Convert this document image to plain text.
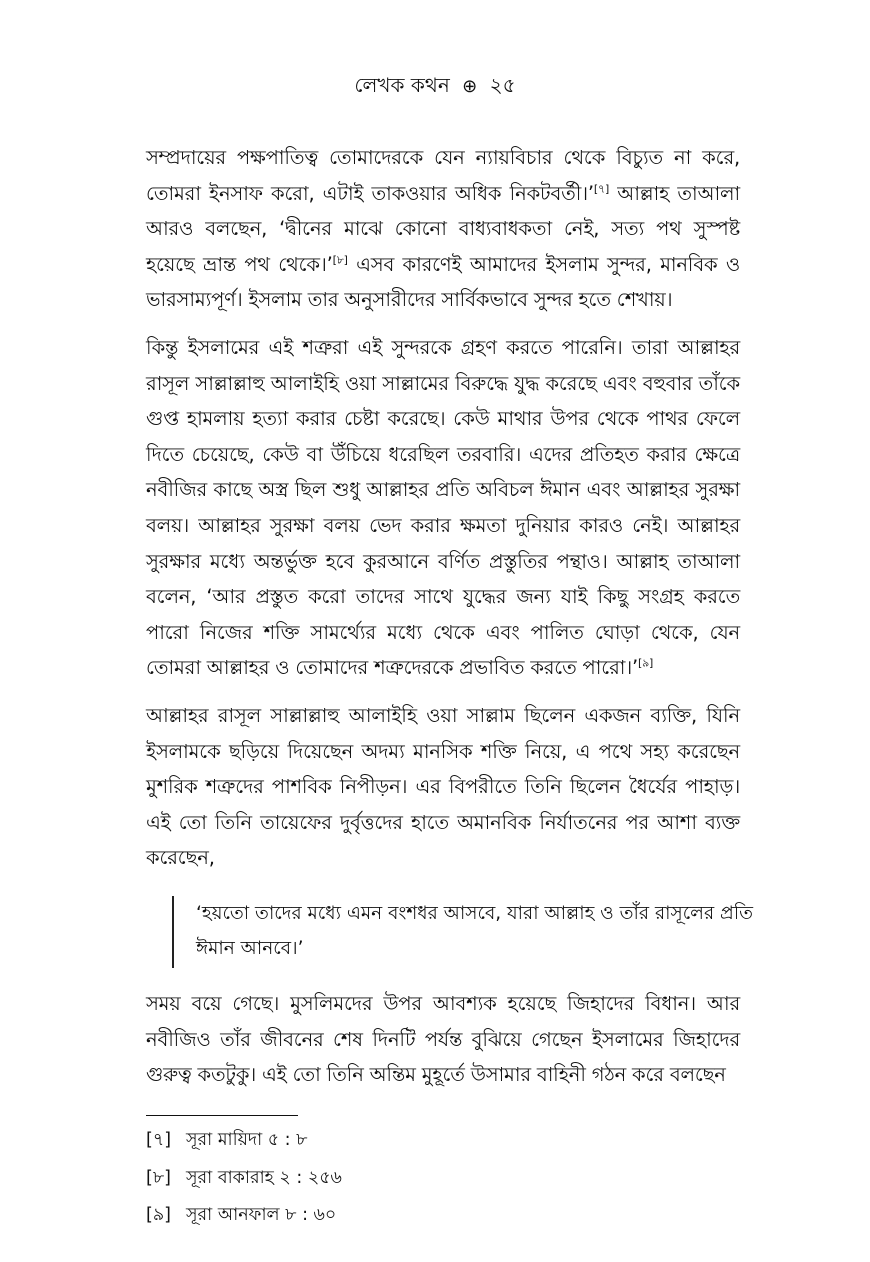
লেখক কথন ⊕ ২৫

সম্প্রদায়ের পক্ষপাতিত্ব তোমাদেরকে যেন ন্যায়বিচার থেকে বিচ্যুত না করে, তোমরা ইনসাফ করো, এটাই তাকওয়ার অধিক নিকটবর্তী।’[৭] আল্লাহ তাআলা আরও বলছেন, ‘দ্বীনের মাঝে কোনো বাধ্যবাধকতা নেই, সত্য পথ সুস্পষ্ট হয়েছে ভ্রান্ত পথ থেকে।’[৮] এসব কারণেই আমাদের ইসলাম সুন্দর, মানবিক ও ভারসাম্যপূর্ণ। ইসলাম তার অনুসারীদের সার্বিকভাবে সুন্দর হতে শেখায়।

কিন্তু ইসলামের এই শত্রুরা এই সুন্দরকে গ্রহণ করতে পারেনি। তারা আল্লাহর রাসূল সাল্লাল্লাহু আলাইহি ওয়া সাল্লামের বিরুদ্ধে যুদ্ধ করেছে এবং বহুবার তাঁকে গুপ্ত হামলায় হত্যা করার চেষ্টা করেছে। কেউ মাথার উপর থেকে পাথর ফেলে দিতে চেয়েছে, কেউ বা উঁচিয়ে ধরেছিল তরবারি। এদের প্রতিহত করার ক্ষেত্রে নবীজির কাছে অস্ত্র ছিল শুধু আল্লাহর প্রতি অবিচল ঈমান এবং আল্লাহর সুরক্ষা বলয়। আল্লাহর সুরক্ষা বলয় ভেদ করার ক্ষমতা দুনিয়ার কারও নেই। আল্লাহর সুরক্ষার মধ্যে অন্তর্ভুক্ত হবে কুরআনে বর্ণিত প্রস্তুতির পন্থাও। আল্লাহ তাআলা বলেন, ‘আর প্রস্তুত করো তাদের সাথে যুদ্ধের জন্য যাই কিছু সংগ্রহ করতে পারো নিজের শক্তি সামর্থ্যের মধ্যে থেকে এবং পালিত ঘোড়া থেকে, যেন তোমরা আল্লাহর ও তোমাদের শত্রুদেরকে প্রভাবিত করতে পারো।’[৯]

আল্লাহর রাসূল সাল্লাল্লাহু আলাইহি ওয়া সাল্লাম ছিলেন একজন ব্যক্তি, যিনি ইসলামকে ছড়িয়ে দিয়েছেন অদম্য মানসিক শক্তি নিয়ে, এ পথে সহ্য করেছেন মুশরিক শত্রুদের পাশবিক নিপীড়ন। এর বিপরীতে তিনি ছিলেন ধৈর্যের পাহাড়। এই তো তিনি তায়েফের দুর্বৃত্তদের হাতে অমানবিক নির্যাতনের পর আশা ব্যক্ত করেছেন,

‘হয়তো তাদের মধ্যে এমন বংশধর আসবে, যারা আল্লাহ ও তাঁর রাসূলের প্রতি ঈমান আনবে।’

সময় বয়ে গেছে। মুসলিমদের উপর আবশ্যক হয়েছে জিহাদের বিধান। আর নবীজিও তাঁর জীবনের শেষ দিনটি পর্যন্ত বুঝিয়ে গেছেন ইসলামের জিহাদের গুরুত্ব কতটুকু। এই তো তিনি অন্তিম মুহূর্তে উসামার বাহিনী গঠন করে বলছেন

[৭] সূরা মায়িদা ৫ : ৮

[৮] সূরা বাকারাহ ২ : ২৫৬

[৯] সূরা আনফাল ৮ : ৬০
